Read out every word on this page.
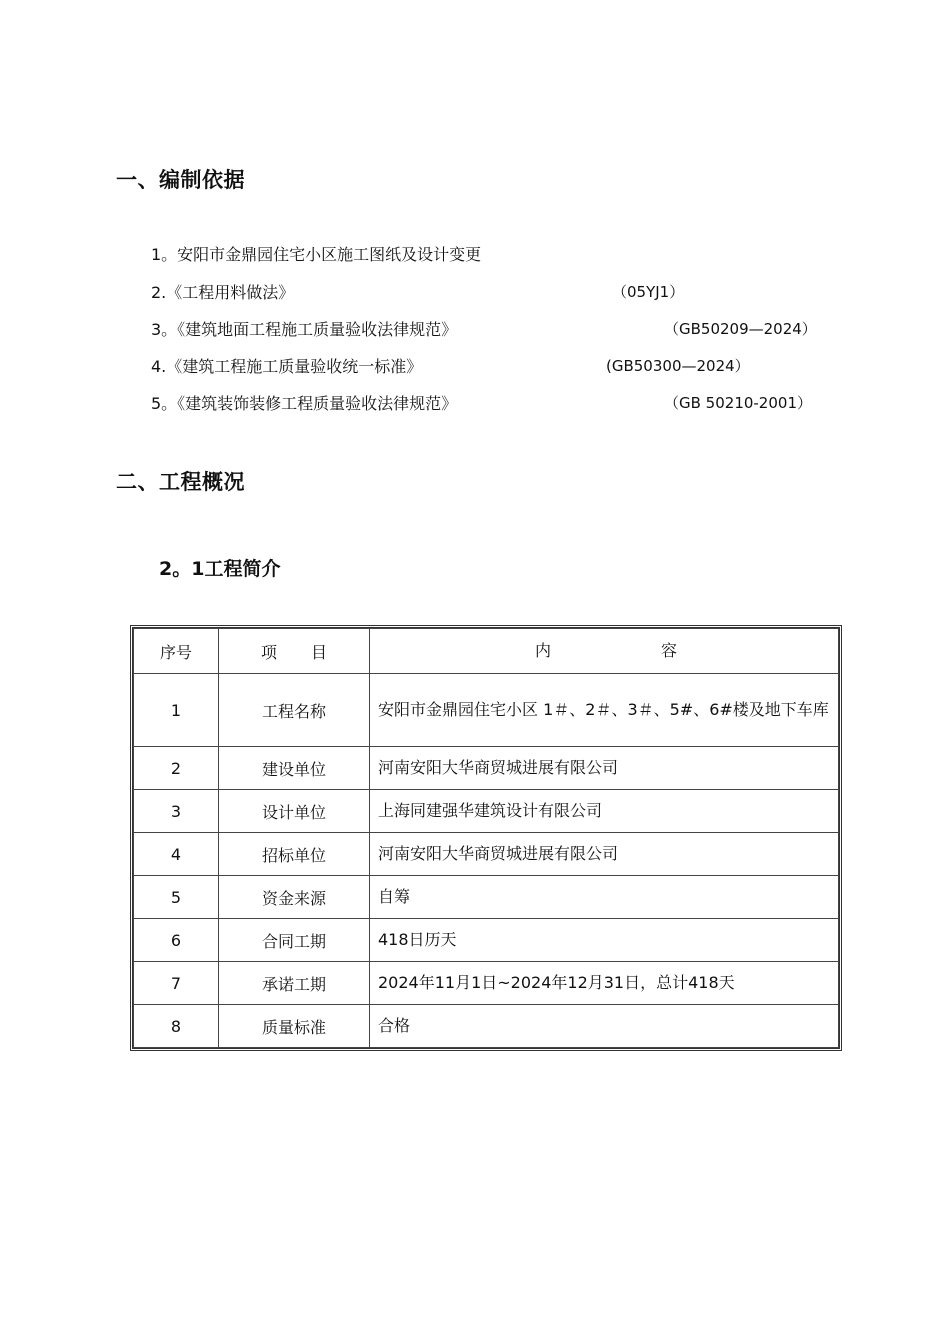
一、编制依据
1。安阳市金鼎园住宅小区施工图纸及设计变更
2.《工程用料做法》	（05YJ1）
3。《建筑地面工程施工质量验收法律规范》	（GB50209—2024）
4.《建筑工程施工质量验收统一标准》	(GB50300—2024）
5。《建筑装饰装修工程质量验收法律规范》	（GB 50210-2001）
二、工程概况
2。1工程简介
序号	项 目	内 容
1	工程名称	安阳市金鼎园住宅小区 1＃、2＃、3＃、5#、6#楼及地下车库
2	建设单位	河南安阳大华商贸城进展有限公司
3	设计单位	上海同建强华建筑设计有限公司
4	招标单位	河南安阳大华商贸城进展有限公司
5	资金来源	自筹
6	合同工期	418日历天
7	承诺工期	2024年11月1日~2024年12月31日，总计418天
8	质量标准	合格
